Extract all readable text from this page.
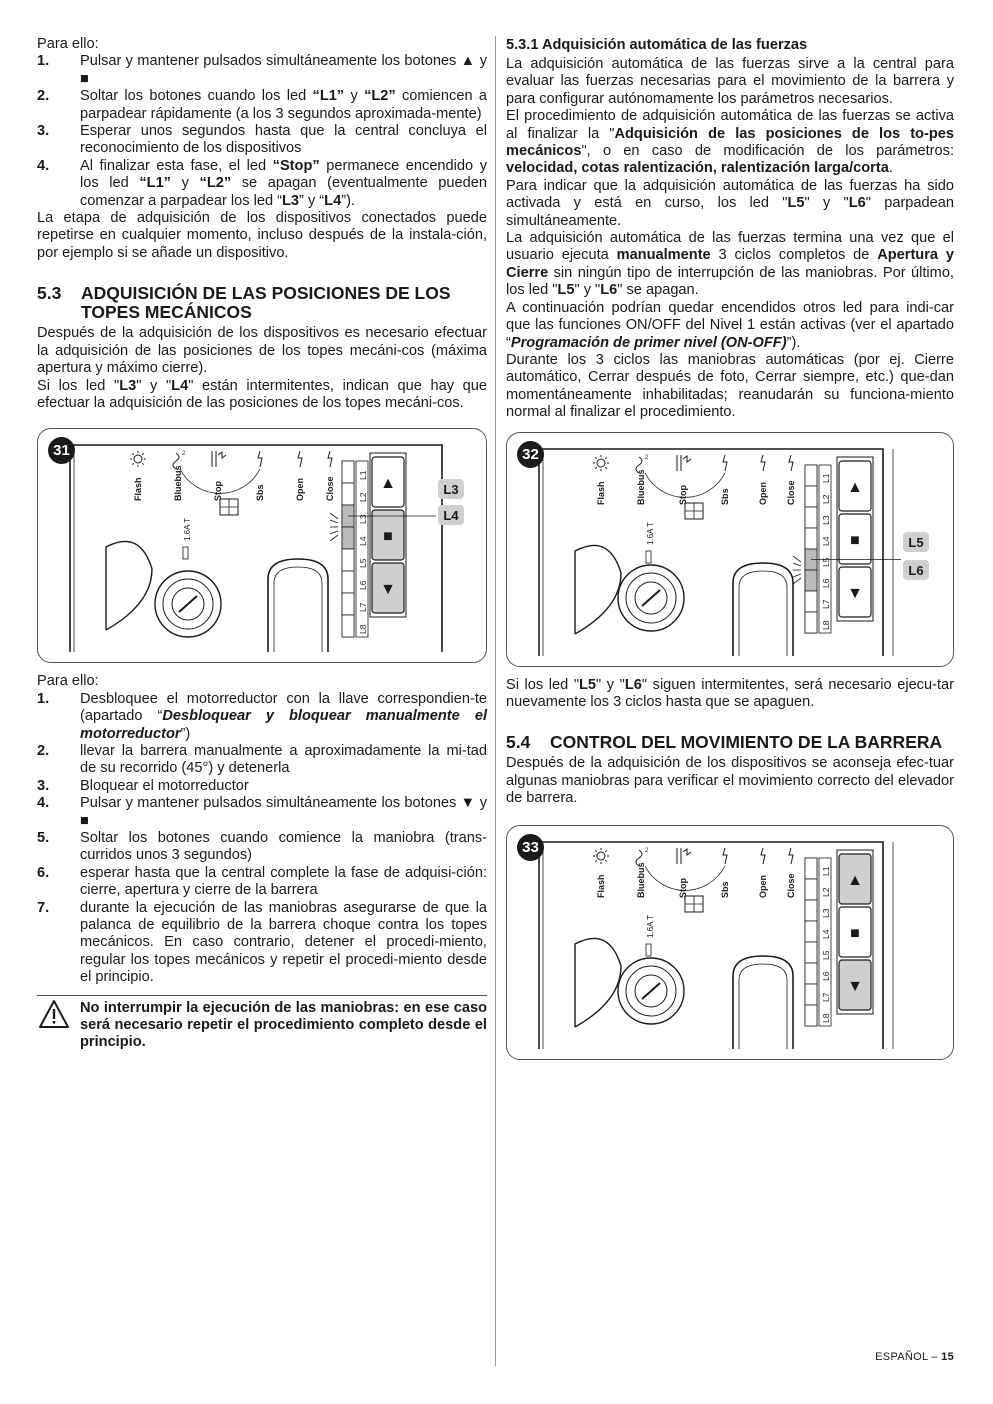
Para ello:

1. Pulsar y mantener pulsados simultáneamente los botones ▲ y ■
2. Soltar los botones cuando los led “L1” y “L2” comiencen a parpadear rápidamente (a los 3 segundos aproximada-mente)
3. Esperar unos segundos hasta que la central concluya el reconocimiento de los dispositivos
4. Al finalizar esta fase, el led “Stop” permanece encendido y los led “L1” y “L2” se apagan (eventualmente pueden comenzar a parpadear los led “L3” y “L4”).

La etapa de adquisición de los dispositivos conectados puede repetirse en cualquier momento, incluso después de la instala-ción, por ejemplo si se añade un dispositivo.

5.3 ADQUISICIÓN DE LAS POSICIONES DE LOS TOPES MECÁNICOS

Después de la adquisición de los dispositivos es necesario efectuar la adquisición de las posiciones de los topes mecáni-cos (máxima apertura y máximo cierre).

Si los led "L3" y "L4" están intermitentes, indican que hay que efectuar la adquisición de las posiciones de los topes mecáni-cos.

2
Flash	Bluebus	Stop	Sbs	Open Close
1.6A T
L1
L2
L3
L4
L5
L6
L7
L8
▲
■
▼
L3
L4
31

Para ello:

1. Desbloquee el motorreductor con la llave correspondien-te (apartado “Desbloquear y bloquear manualmente el motorreductor”)
2. llevar la barrera manualmente a aproximadamente la mi-tad de su recorrido (45°) y detenerla
3. Bloquear el motorreductor
4. Pulsar y mantener pulsados simultáneamente los botones ▼ y ■
5. Soltar los botones cuando comience la maniobra (trans-curridos unos 3 segundos)
6. esperar hasta que la central complete la fase de adquisi-ción: cierre, apertura y cierre de la barrera
7. durante la ejecución de las maniobras asegurarse de que la palanca de equilibrio de la barrera choque contra los topes mecánicos. En caso contrario, detener el procedi-miento, regular los topes mecánicos y repetir el procedi-miento desde el principio.
No interrumpir la ejecución de las maniobras: en ese caso será necesario repetir el procedimiento completo desde el principio.
5.3.1 Adquisición automática de las fuerzas

La adquisición automática de las fuerzas sirve a la central para evaluar las fuerzas necesarias para el movimiento de la barrera y para configurar autónomamente los parámetros necesarios.

El procedimiento de adquisición automática de las fuerzas se activa al finalizar la "Adquisición de las posiciones de los to-pes mecánicos", o en caso de modificación de los parámetros: velocidad, cotas ralentización, ralentización larga/corta.

Para indicar que la adquisición automática de las fuerzas ha sido activada y está en curso, los led "L5" y "L6" parpadean simultáneamente.

La adquisición automática de las fuerzas termina una vez que el usuario ejecuta manualmente 3 ciclos completos de Apertura y Cierre sin ningún tipo de interrupción de las maniobras. Por último, los led "L5" y "L6" se apagan.

A continuación podrían quedar encendidos otros led para indi-car que las funciones ON/OFF del Nivel 1 están activas (ver el apartado “Programación de primer nivel (ON-OFF)”).

Durante los 3 ciclos las maniobras automáticas (por ej. Cierre automático, Cerrar después de foto, Cerrar siempre, etc.) que-dan momentáneamente inhabilitadas; reanudarán su funciona-miento normal al finalizar el procedimiento.

2
Flash	Bluebus	Stop	Sbs	Open Close
1.6A T
L1
L2
L3
L4
L5
L6
L7
L8
▲
■
▼
L5
L6
32

Si los led "L5" y "L6" siguen intermitentes, será necesario ejecu-tar nuevamente los 3 ciclos hasta que se apaguen.

5.4 CONTROL DEL MOVIMIENTO DE LA BARRERA

Después de la adquisición de los dispositivos se aconseja efec-tuar algunas maniobras para verificar el movimiento correcto del elevador de barrera.

2
Flash	Bluebus	Stop	Sbs	Open Close
1.6A T
L1
L2
L3
L4
L5
L6
L7
L8
▲
■
▼
33
ESPAÑOL – 15
